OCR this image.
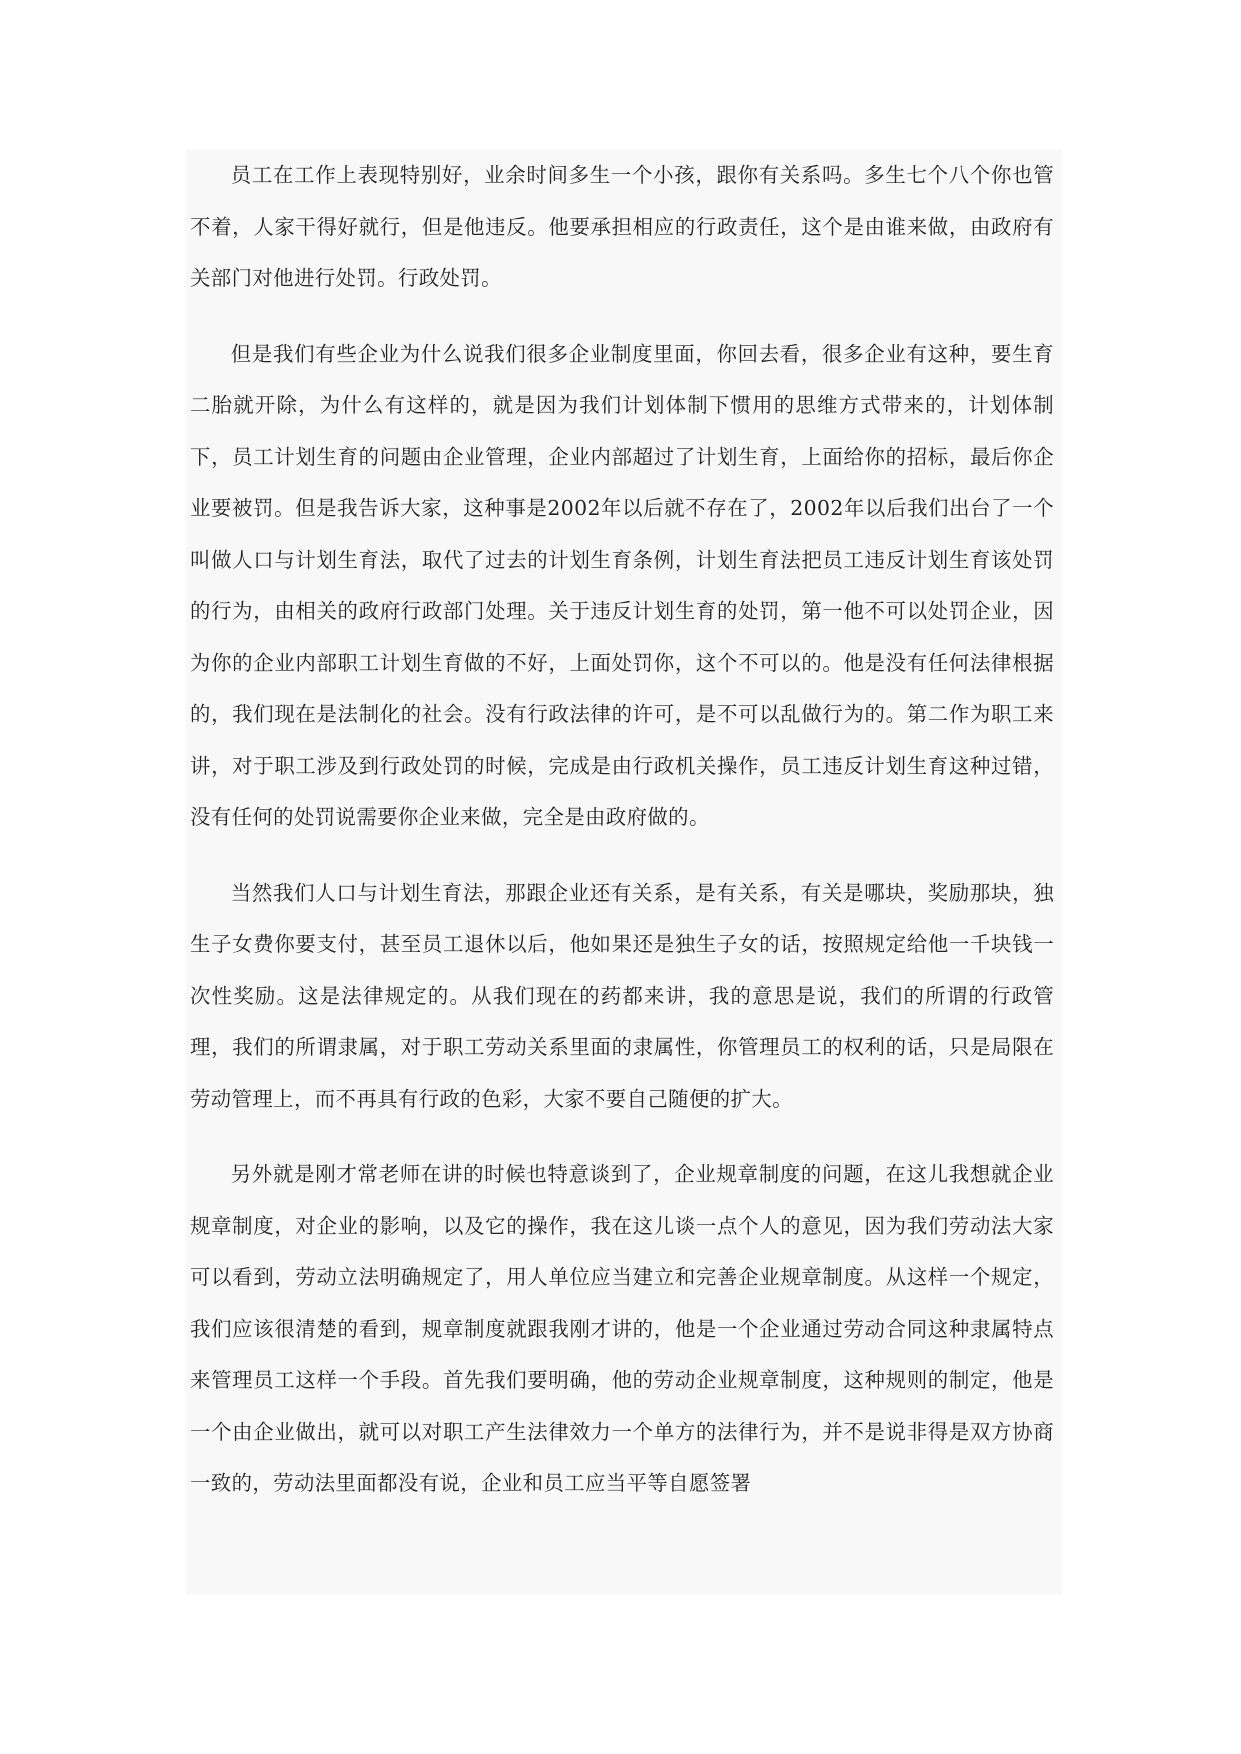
员工在工作上表现特别好，业余时间多生一个小孩，跟你有关系吗。多生七个八个你也管不着，人家干得好就行，但是他违反。他要承担相应的行政责任，这个是由谁来做，由政府有关部门对他进行处罚。行政处罚。

但是我们有些企业为什么说我们很多企业制度里面，你回去看，很多企业有这种，要生育二胎就开除，为什么有这样的，就是因为我们计划体制下惯用的思维方式带来的，计划体制下，员工计划生育的问题由企业管理，企业内部超过了计划生育，上面给你的招标，最后你企业要被罚。但是我告诉大家，这种事是2002年以后就不存在了，2002年以后我们出台了一个叫做人口与计划生育法，取代了过去的计划生育条例，计划生育法把员工违反计划生育该处罚的行为，由相关的政府行政部门处理。关于违反计划生育的处罚，第一他不可以处罚企业，因为你的企业内部职工计划生育做的不好，上面处罚你，这个不可以的。他是没有任何法律根据的，我们现在是法制化的社会。没有行政法律的许可，是不可以乱做行为的。第二作为职工来讲，对于职工涉及到行政处罚的时候，完成是由行政机关操作，员工违反计划生育这种过错，没有任何的处罚说需要你企业来做，完全是由政府做的。

当然我们人口与计划生育法，那跟企业还有关系，是有关系，有关是哪块，奖励那块，独生子女费你要支付，甚至员工退休以后，他如果还是独生子女的话，按照规定给他一千块钱一次性奖励。这是法律规定的。从我们现在的药都来讲，我的意思是说，我们的所谓的行政管理，我们的所谓隶属，对于职工劳动关系里面的隶属性，你管理员工的权利的话，只是局限在劳动管理上，而不再具有行政的色彩，大家不要自己随便的扩大。

另外就是刚才常老师在讲的时候也特意谈到了，企业规章制度的问题，在这儿我想就企业规章制度，对企业的影响，以及它的操作，我在这儿谈一点个人的意见，因为我们劳动法大家可以看到，劳动立法明确规定了，用人单位应当建立和完善企业规章制度。从这样一个规定，我们应该很清楚的看到，规章制度就跟我刚才讲的，他是一个企业通过劳动合同这种隶属特点来管理员工这样一个手段。首先我们要明确，他的劳动企业规章制度，这种规则的制定，他是一个由企业做出，就可以对职工产生法律效力一个单方的法律行为，并不是说非得是双方协商一致的，劳动法里面都没有说，企业和员工应当平等自愿签署
